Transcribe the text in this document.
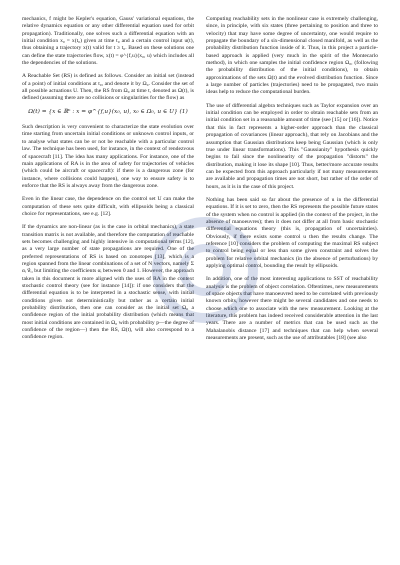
mechanics, f might be Kepler's equation, Gauss' variational equations, the relative dynamics equation or any other differential equation used for orbit propagation). Traditionally, one solves such a differential equation with an initial condition x₀ = x(t₀) given at time t₀ and a certain control input u(t), thus obtaining a trajectory x(t) valid for t ≥ t₀. Based on these solutions one can define the state trajectories flow, x(t) = φ^{f,u}(x₀, u) which includes all the dependencies of the solutions.

A Reachable Set (RS) is defined as follows. Consider an initial set (instead of a point) of initial conditions at t₀, and denote it by Ω₀. Consider the set of all possible actuations U. Then, the RS from Ω₀ at time t, denoted as Ω(t), is defined (assuming there are no collisions or singularities for the flow) as

Ω(t) = {x ∈ ℝⁿ : x = φ^{f,u}(x₀, u), x₀ ∈ Ω₀, u ∈ U} (1)

Such description is very convenient to characterize the state evolution over time starting from uncertain initial conditions or unknown control inputs, or to analyse what states can be or not be reachable with a particular control law. The technique has been used, for instance, in the context of rendezvous of spacecraft [11]. The idea has many applications. For instance, one of the main applications of RA is in the area of safety for trajectories of vehicles (which could be aircraft or spacecraft): if there is a dangerous zone (for instance, where collisions could happen), one way to ensure safety is to enforce that the RS is always away from the dangerous zone.

Even in the linear case, the dependence on the control set U can make the computation of these sets quite difficult, with ellipsoids being a classical choice for representations, see e.g. [12].

If the dynamics are non-linear (as is the case in orbital mechanics), a state transition matrix is not available, and therefore the computation of reachable sets becomes challenging and highly intensive in computational terms [12], as a very large number of state propagations are required. One of the preferred representations of RS is based on zonotopes [13], which is a region spanned from the linear combinations of a set of N vectors, namely Σ αᵢ v⃗ᵢ, but limiting the coefficients αᵢ between 0 and 1. However, the approach taken in this document is more aligned with the uses of RA in the context stochastic control theory (see for instance [14]): if one considers that the differential equation is to be interpreted in a stochastic sense, with initial conditions given not deterministically but rather as a certain initial probability distribution, then one can consider as the initial set Ω₀ a confidence region of the initial probability distribution (which means that most initial conditions are contained in Ω₀ with probability p—the degree of confidence of the region—) then the RS, Ω(t), will also correspond to a confidence region.

Computing reachability sets in the nonlinear case is extremely challenging, since, in principle, with six states (three pertaining to position and three to velocity) that may have some degree of uncertainty, one would require to propagate the boundary of a six-dimensional closed manifold, as well as the probability distribution function inside of it. Thus, in this project a particle-based approach is applied (very much in the spirit of the Montecarlo method), in which one samples the initial confidence region Ω₀, (following the probability distribution of the initial conditions), to obtain approximations of the sets Ω(t) and the evolved distribution function. Since a large number of particles (trajectories) need to be propagated, two main ideas help to reduce the computational burden.

The use of differential algebra techniques such as Taylor expansion over an initial condition can be employed in order to obtain reachable sets from an initial condition set in a reasonable amount of time (see [15] or [16]). Notice that this in fact represents a higher-order approach than the classical propagation of covariances (linear approach), that rely on Jacobians and the assumption that Gaussian distributions keep being Gaussian (which is only true under linear transformations). This "Gaussianity" hypothesis quickly begins to fail since the nonlinearity of the propagation "distorts" the distribution, making it lose its shape [10]. Thus, better/more accurate results can be expected from this approach particularly if not many measurements are available and propagation times are not short, but rather of the order of hours, as it is in the case of this project.

Nothing has been said so far about the presence of u in the differential equations. If it is set to zero, then the RS represents the possible future states of the system when no control is applied (in the context of the project, in the absence of manoeuvres); then it does not differ at all from basic stochastic differential equations theory (this is, propagation of uncertainties). Obviously, if there exists some control u then the results change. The reference [10] considers the problem of computing the maximal RS subject to control being equal or less than some given constraint and solves the problem for relative orbital mechanics (in the absence of perturbations) by applying optimal control, bounding the result by ellipsoids.

In addition, one of the most interesting applications to SST of reachability analysis is the problem of object correlation. Oftentimes, new measurements of space objects that have manoeuvred need to be correlated with previously known orbits, however there might be several candidates and one needs to choose which one to associate with the new measurement. Looking at the literature, this problem has indeed received considerable attention in the last years. There are a number of metrics that can be used such as the Mahalanobis distance [17] and techniques that can help when several measurements are present, such as the use of attributables [18] (see also
